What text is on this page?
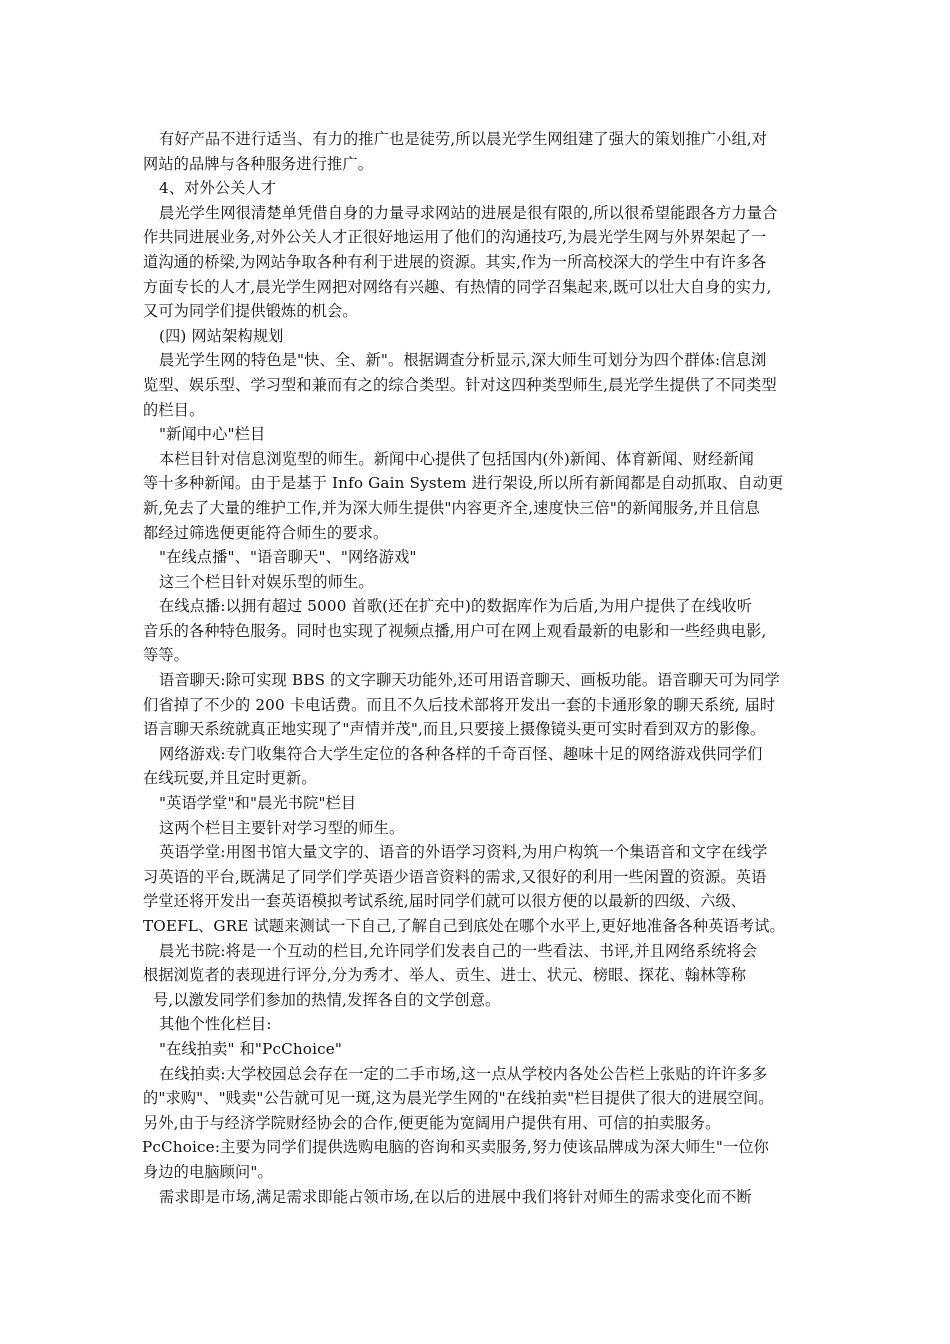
有好产品不进行适当、有力的推广也是徒劳,所以晨光学生网组建了强大的策划推广小组,对

网站的品牌与各种服务进行推广。

4、对外公关人才

晨光学生网很清楚单凭借自身的力量寻求网站的进展是很有限的,所以很希望能跟各方力量合

作共同进展业务,对外公关人才正很好地运用了他们的沟通技巧,为晨光学生网与外界架起了一

道沟通的桥梁,为网站争取各种有利于进展的资源。其实,作为一所高校深大的学生中有许多各

方面专长的人才,晨光学生网把对网络有兴趣、有热情的同学召集起来,既可以壮大自身的实力,

又可为同学们提供锻炼的机会。

(四) 网站架构规划

晨光学生网的特色是"快、全、新"。根据调查分析显示,深大师生可划分为四个群体:信息浏

览型、娱乐型、学习型和兼而有之的综合类型。针对这四种类型师生,晨光学生提供了不同类型

的栏目。

"新闻中心"栏目

本栏目针对信息浏览型的师生。新闻中心提供了包括国内(外)新闻、体育新闻、财经新闻

等十多种新闻。由于是基于 Info Gain System 进行架设,所以所有新闻都是自动抓取、自动更

新,免去了大量的维护工作,并为深大师生提供"内容更齐全,速度快三倍"的新闻服务,并且信息

都经过筛选便更能符合师生的要求。

"在线点播"、"语音聊天"、"网络游戏"

这三个栏目针对娱乐型的师生。

在线点播:以拥有超过 5000 首歌(还在扩充中)的数据库作为后盾,为用户提供了在线收听

音乐的各种特色服务。同时也实现了视频点播,用户可在网上观看最新的电影和一些经典电影,

等等。

语音聊天:除可实现 BBS 的文字聊天功能外,还可用语音聊天、画板功能。语音聊天可为同学

们省掉了不少的 200 卡电话费。而且不久后技术部将开发出一套的卡通形象的聊天系统, 届时

语言聊天系统就真正地实现了"声情并茂",而且,只要接上摄像镜头更可实时看到双方的影像。

网络游戏:专门收集符合大学生定位的各种各样的千奇百怪、趣味十足的网络游戏供同学们

在线玩耍,并且定时更新。

"英语学堂"和"晨光书院"栏目

这两个栏目主要针对学习型的师生。

英语学堂:用图书馆大量文字的、语音的外语学习资料,为用户构筑一个集语音和文字在线学

习英语的平台,既满足了同学们学英语少语音资料的需求,又很好的利用一些闲置的资源。英语

学堂还将开发出一套英语模拟考试系统,届时同学们就可以很方便的以最新的四级、六级、

TOEFL、GRE 试题来测试一下自己,了解自己到底处在哪个水平上,更好地准备各种英语考试。

晨光书院:将是一个互动的栏目,允许同学们发表自己的一些看法、书评,并且网络系统将会

根据浏览者的表现进行评分,分为秀才、举人、贡生、进士、状元、榜眼、探花、翰林等称

号,以激发同学们参加的热情,发挥各自的文学创意。

其他个性化栏目:

"在线拍卖" 和"PcChoice"

在线拍卖:大学校园总会存在一定的二手市场,这一点从学校内各处公告栏上张贴的许许多多

的"求购"、"贱卖"公告就可见一斑,这为晨光学生网的"在线拍卖"栏目提供了很大的进展空间。

另外,由于与经济学院财经协会的合作,便更能为宽阔用户提供有用、可信的拍卖服务。

PcChoice:主要为同学们提供选购电脑的咨询和买卖服务,努力使该品牌成为深大师生"一位你

身边的电脑顾问"。

需求即是市场,满足需求即能占领市场,在以后的进展中我们将针对师生的需求变化而不断
